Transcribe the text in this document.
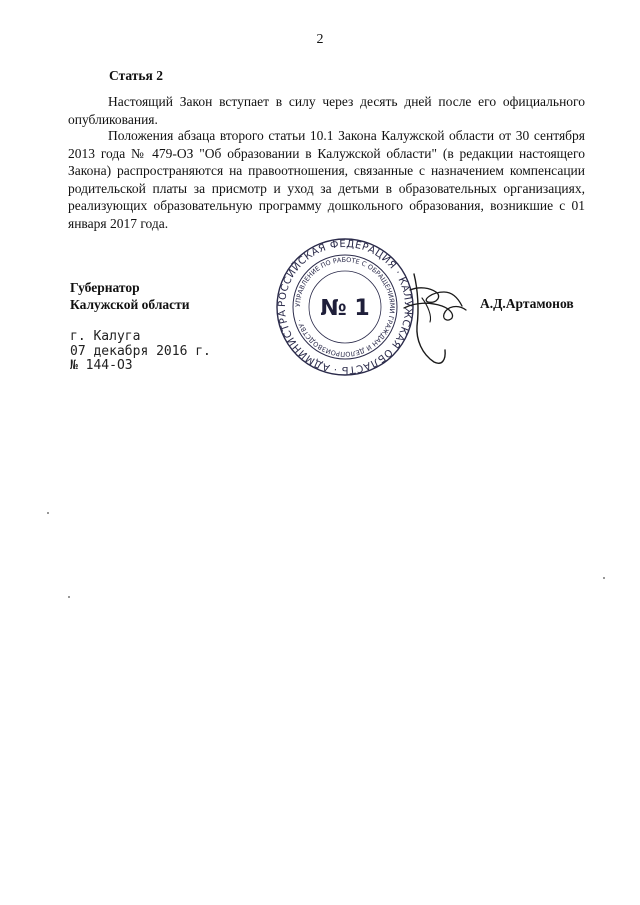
2
Статья 2

Настоящий Закон вступает в силу через десять дней после его официального опубликования.

Положения абзаца второго статьи 10.1 Закона Калужской области от 30 сентября 2013 года № 479-ОЗ "Об образовании в Калужской области" (в редакции настоящего Закона) распространяются на правоотношения, связанные с назначением компенсации родительской платы за присмотр и уход за детьми в образовательных организациях, реализующих образовательную программу дошкольного образования, возникшие с 01 января 2017 года.

Губернатор
Калужской области	РОССИЙСКАЯ ФЕДЕРАЦИЯ · КАЛУЖСКАЯ ОБЛАСТЬ · АДМИНИСТРА
УПРАВЛЕНИЕ ПО РАБОТЕ С ОБРАЩЕНИЯМИ ГРАЖДАН И ДЕЛОПРОИЗВОДСТВУ · № 1	А.Д.Артамонов
г. Калуга
07 декабря 2016 г.
№ 144-ОЗ
